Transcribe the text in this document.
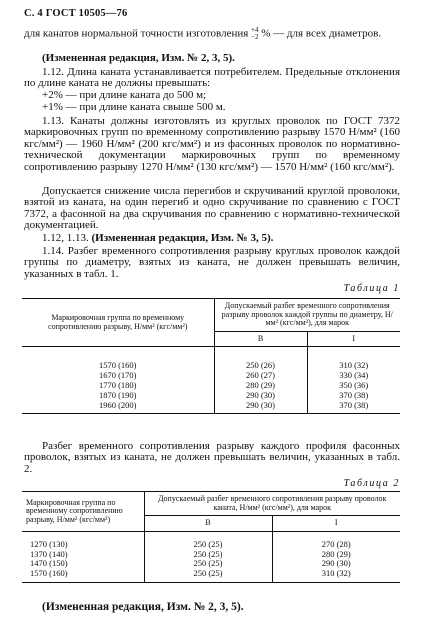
С. 4 ГОСТ 10505—76
для канатов нормальной точности изготовления +4
−2 % — для всех диаметров.
(Измененная редакция, Изм. № 2, 3, 5).
1.12. Длина каната устанавливается потребителем. Предельные отклонения по длине каната не должны превышать:
+2% — при длине каната до 500 м;
+1% — при длине каната свыше 500 м.
1.13. Канаты должны изготовлять из круглых проволок по ГОСТ 7372 маркировочных групп по временному сопротивлению разрыву 1570 Н/мм² (160 кгс/мм²) — 1960 Н/мм² (200 кгс/мм²) и из фасонных проволок по нормативно-технической документации маркировочных групп по временному сопротивлению разрыву 1270 Н/мм² (130 кгс/мм²) — 1570 Н/мм² (160 кгс/мм²).
Допускается снижение числа перегибов и скручиваний круглой проволоки, взятой из каната, на один перегиб и одно скручивание по сравнению с ГОСТ 7372, а фасонной на два скручивания по сравнению с нормативно-технической документацией.
1.12, 1.13. (Измененная редакция, Изм. № 3, 5).
1.14. Разбег временного сопротивления разрыву круглых проволок каждой группы по диаметру, взятых из каната, не должен превышать величин, указанных в табл. 1.
Таблица 1
Маркировочная группа по временному сопротивлению разрыву, Н/мм² (кгс/мм²)	Допускаемый разбег временного сопротивления разрыву проволок каждой группы по диаметру, Н/мм² (кгс/мм²), для марок	
	В	I

1570 (160)	250 (26)	310 (32)
1670 (170)	260 (27)	330 (34)
1770 (180)	280 (29)	350 (36)
1870 (190)	290 (30)	370 (38)
1960 (200)	290 (30)	370 (38)
Разбег временного сопротивления разрыву каждого профиля фасонных проволок, взятых из каната, не должен превышать величин, указанных в табл. 2.
Таблица 2
Маркировочная группа по временному сопротивлению разрыву, Н/мм² (кгс/мм²)	Допускаемый разбег временного сопротивления разрыву проволок каната, Н/мм² (кгс/мм²), для марок	
	В	I

1270 (130)	250 (25)	270 (28)
1370 (140)	250 (25)	280 (29)
1470 (150)	250 (25)	290 (30)
1570 (160)	250 (25)	310 (32)
(Измененная редакция, Изм. № 2, 3, 5).
